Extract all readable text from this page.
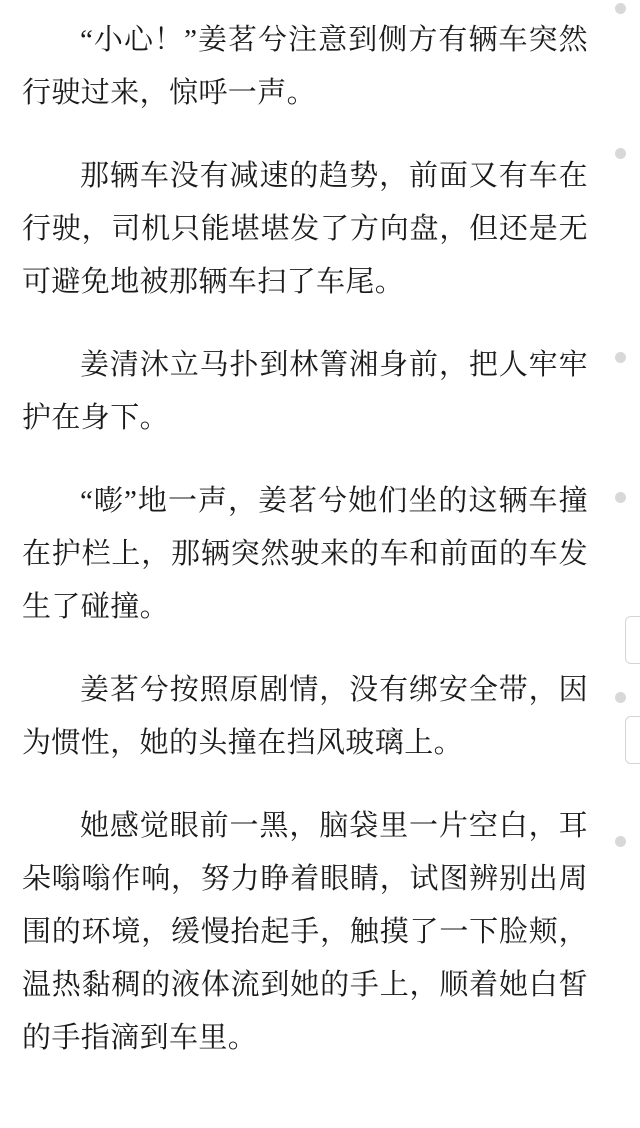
“小心！”姜茗兮注意到侧方有辆车突然行驶过来，惊呼一声。

那辆车没有减速的趋势，前面又有车在行驶，司机只能堪堪发了方向盘，但还是无可避免地被那辆车扫了车尾。

姜清沐立马扑到林箐湘身前，把人牢牢护在身下。

“嘭”地一声，姜茗兮她们坐的这辆车撞在护栏上，那辆突然驶来的车和前面的车发生了碰撞。

姜茗兮按照原剧情，没有绑安全带，因为惯性，她的头撞在挡风玻璃上。

她感觉眼前一黑，脑袋里一片空白，耳朵嗡嗡作响，努力睁着眼睛，试图辨别出周围的环境，缓慢抬起手，触摸了一下脸颊，温热黏稠的液体流到她的手上，顺着她白皙的手指滴到车里。
